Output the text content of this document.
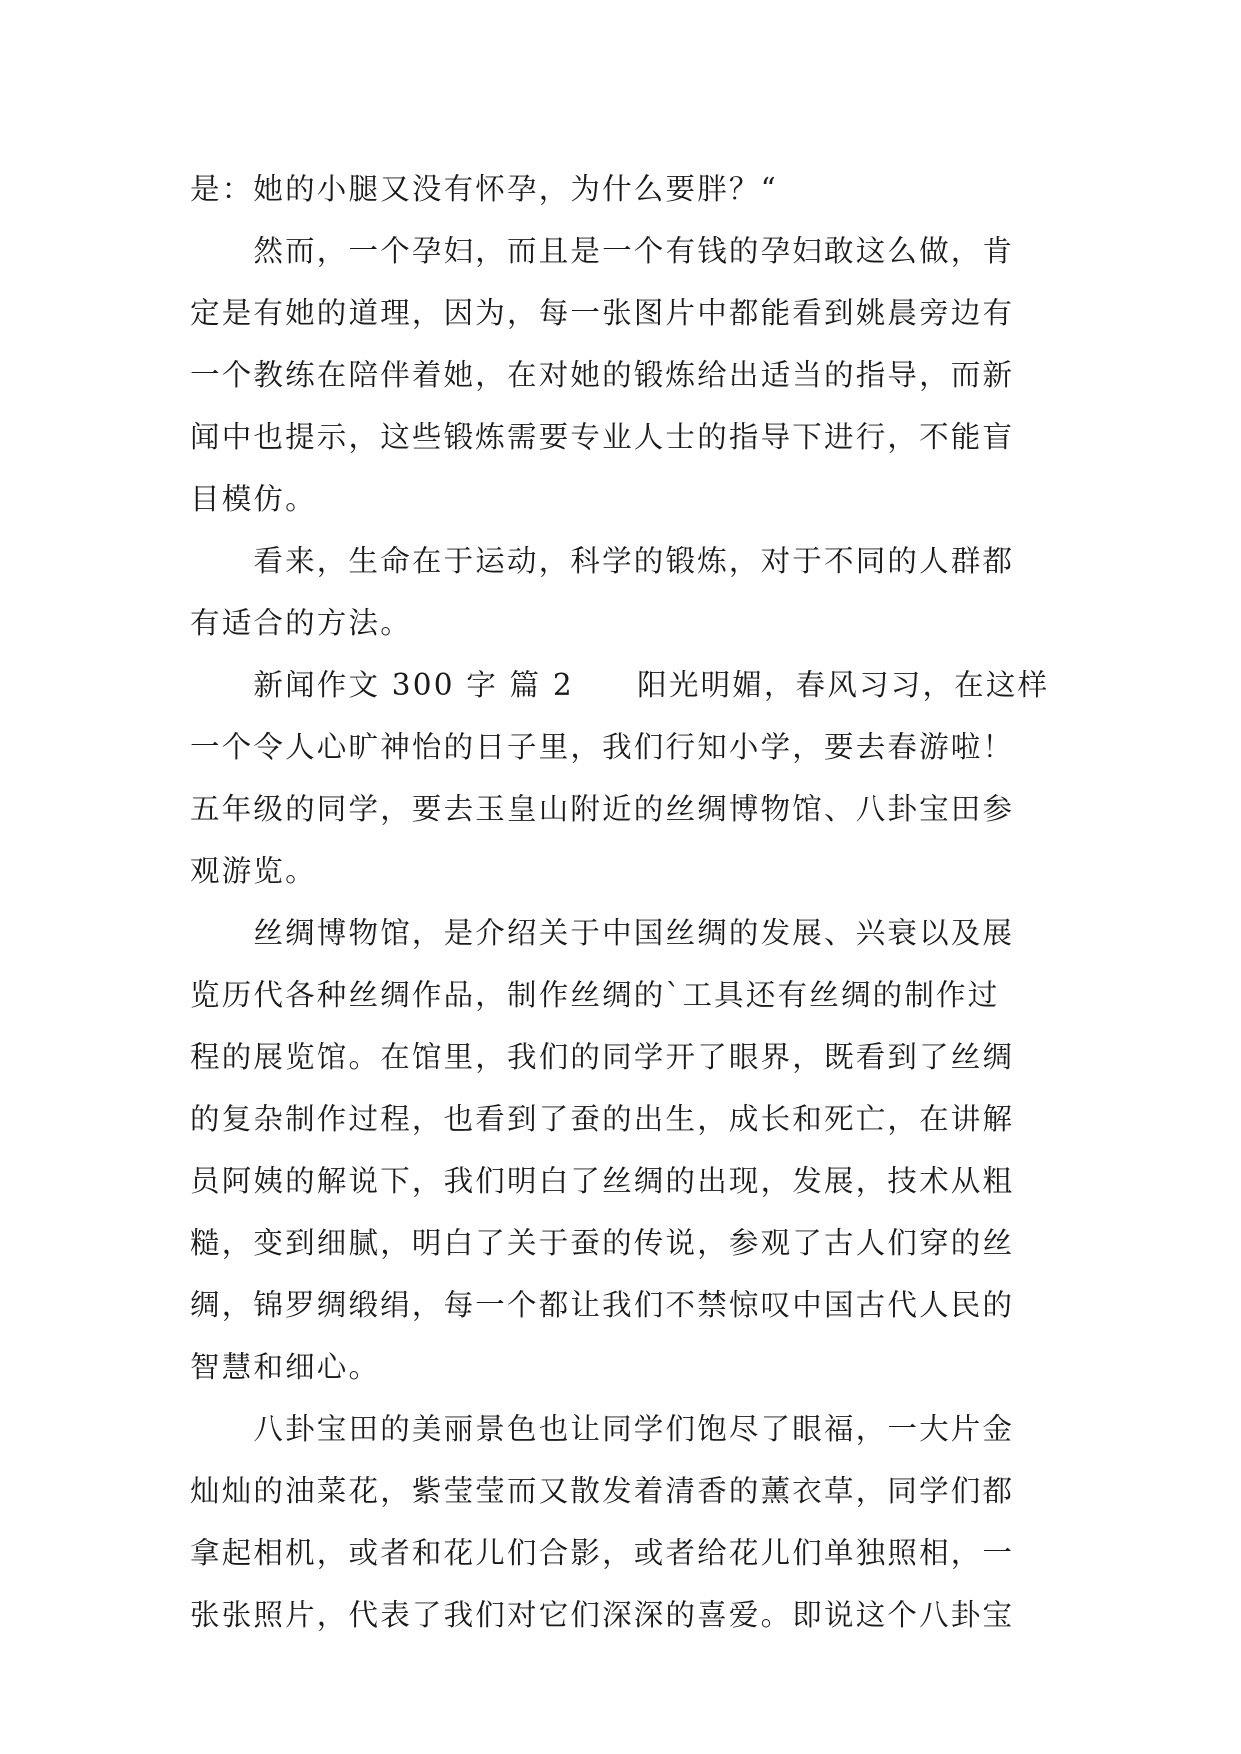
是：她的小腿又没有怀孕，为什么要胖？“
　　然而，一个孕妇，而且是一个有钱的孕妇敢这么做，肯
定是有她的道理，因为，每一张图片中都能看到姚晨旁边有
一个教练在陪伴着她，在对她的锻炼给出适当的指导，而新
闻中也提示，这些锻炼需要专业人士的指导下进行，不能盲
目模仿。
　　看来，生命在于运动，科学的锻炼，对于不同的人群都
有适合的方法。
　　新闻作文 300 字 篇 2　　阳光明媚，春风习习，在这样
一个令人心旷神怡的日子里，我们行知小学，要去春游啦！
五年级的同学，要去玉皇山附近的丝绸博物馆、八卦宝田参
观游览。
　　丝绸博物馆，是介绍关于中国丝绸的发展、兴衰以及展
览历代各种丝绸作品，制作丝绸的`工具还有丝绸的制作过
程的展览馆。在馆里，我们的同学开了眼界，既看到了丝绸
的复杂制作过程，也看到了蚕的出生，成长和死亡，在讲解
员阿姨的解说下，我们明白了丝绸的出现，发展，技术从粗
糙，变到细腻，明白了关于蚕的传说，参观了古人们穿的丝
绸，锦罗绸缎绢，每一个都让我们不禁惊叹中国古代人民的
智慧和细心。
　　八卦宝田的美丽景色也让同学们饱尽了眼福，一大片金
灿灿的油菜花，紫莹莹而又散发着清香的薰衣草，同学们都
拿起相机，或者和花儿们合影，或者给花儿们单独照相，一
张张照片，代表了我们对它们深深的喜爱。即说这个八卦宝
